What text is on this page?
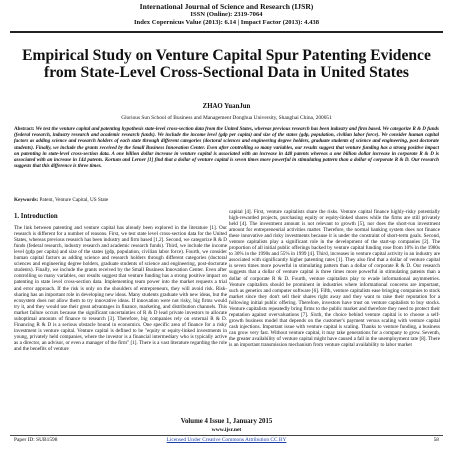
International Journal of Science and Research (IJSR)
ISSN (Online): 2319-7064
Index Copernicus Value (2013): 6.14 | Impact Factor (2013): 4.438
Empirical Study on Venture Capital Spur Patenting Evidence from State-Level Cross-Sectional Data in United States
ZHAO YuanJun
Glorious Sun School of Business and Management Donghua University, Shanghai China, 200051
Abstract: We test the venture capital and patenting hypothesis state-level cross-section data from the United States, whereas previous research has been industry and firm based. We categorize R & D funds (federal research, industry research and academic research funds). We include the income level (gdp per capita) and size of the states (gdp, population, civilian labor force). We consider human capital factors as adding science and research holders of each state through different categories (doctoral sciences and engineering degree holders, graduate students of science and engineering, post doctorate students). Finally, we include the grants received by the Small Business Innovation Center. Even after controlling so many variables, our results suggest that venture funding has a strong positive impact on patenting in state-level cross-section data. A one billion dollar increase in venture capital is associated with an increase in 448 patents whereas a one billion dollar increase in corporate R & D is associated with an increase in 144 patents. Kortum and Lerner [1] find that a dollar of venture capital is seven times more powerful in stimulating pattern than a dollar of corporate R & D. Our research suggests that this difference is three times.
Keywords: Patent, Venture Capital, US State
1. Introduction

The link between patenting and venture capital has already been explored in the literature [1]. Our research is different for a number of reasons. First, we test state level cross-section data for the United States, whereas previous research has been industry and firm based [1,2]. Second, we categorize R & D funds (federal research, industry research and academic research funds). Third, we include the income level (gdp per capita) and size of the states (gdp, population, civilian labor force). Fourth, we consider human capital factors as adding science and research holders through different categories (doctoral sciences and engineering degree holders, graduate students of science and engineering, post-doctorate students). Finally, we include the grants received by the Small Business Innovation Center. Even after controlling so many variables, our results suggest that venture funding has a strong positive impact on patenting in state level cross-section data. Implementing team power into the market requests a trial and error approach. If the risk is only on the shoulders of entrepreneurs, they will avoid risk. Risk-sharing has an important role in developing new ideas. Many students graduate with new ideas, but the ecosystem does not allow them to try innovative ideas. If innovation were not risky, big firms would try it, and they would use their great advantages in finance, marketing, and distribution channels. This market failure occurs because the significant uncertainties of R & D lead private investors to allocate suboptimal amounts of finance to research [3]. Therefore, big companies rely on external R & D. Financing R & D is a serious obstacle bound in economics. One specific area of finance for a risky investment is venture capital. Venture capital is defined to be "equity or equity-linked investments in young, privately held companies, where the investor is a financial intermediary who is typically active as a director, an advisor, or even a manager of the firm" [1]. There is a vast literature regarding the role and the benefits of venture

capital [4]. First, venture capitalists share the risks. Venture capital finance highly-risky potentially high-rewarded projects, purchasing equity or equity-linked shares while the firms are still privately held [4]. The investment amount is not relevant to growth [5], nor does the short-run investment amount for entrepreneurial activities matter. Therefore, the normal banking system does not finance these innovative and risky investments because it is under the constraint of short-term goals. Second, venture capitalists play a significant role in the development of the start-up companies [2]. The proportion of all initial public offerings backed by venture capital funding rose from 10% in the 1980s to 30% in the 1990s and 55% in 1999 [4]. Third, increases in venture capital activity in an industry are associated with significantly higher patenting rates [1]. They also find that a dollar of venture capital is seven times more powerful in stimulating pattern than a dollar of corporate R & D. Our research suggests that a dollar of venture capital is three times more powerful in stimulating patents than a dollar of corporate R & D. Fourth, venture capitalists play to evade informational asymmetries. Venture capitalists should be prominent in industries where informational concerns are important, such as genetics and computer software [6]. Fifth, venture capitalists ease bringing companies to stock market since they don't sell their shares right away and they want to raise their reputation for a following initial public offering. Therefore, investors have trust on venture capitalists to buy stocks. Venture capitalists repeatedly bring firms to the public market and therefore they need to protect their reputation against overvaluations [7]. Sixth, the choice behind venture capital is to choose a self-growth business model that depends on the customer's payment versus scaling with venture capital cash injections. Important issue with venture capital is scaling. Thanks to venture funding, a business can grow very fast. Without venture capital, it may take generations for a company to grow. Seventh, the greater availability of venture capital might have caused a fall in the unemployment rate [8]. There is an important transmission mechanism from venture capital availability to labor market

Volume 4 Issue 1, January 2015
www.ijsr.net
Paper ID: SUB1598	Licensed Under Creative Commons Attribution CC BY	58
